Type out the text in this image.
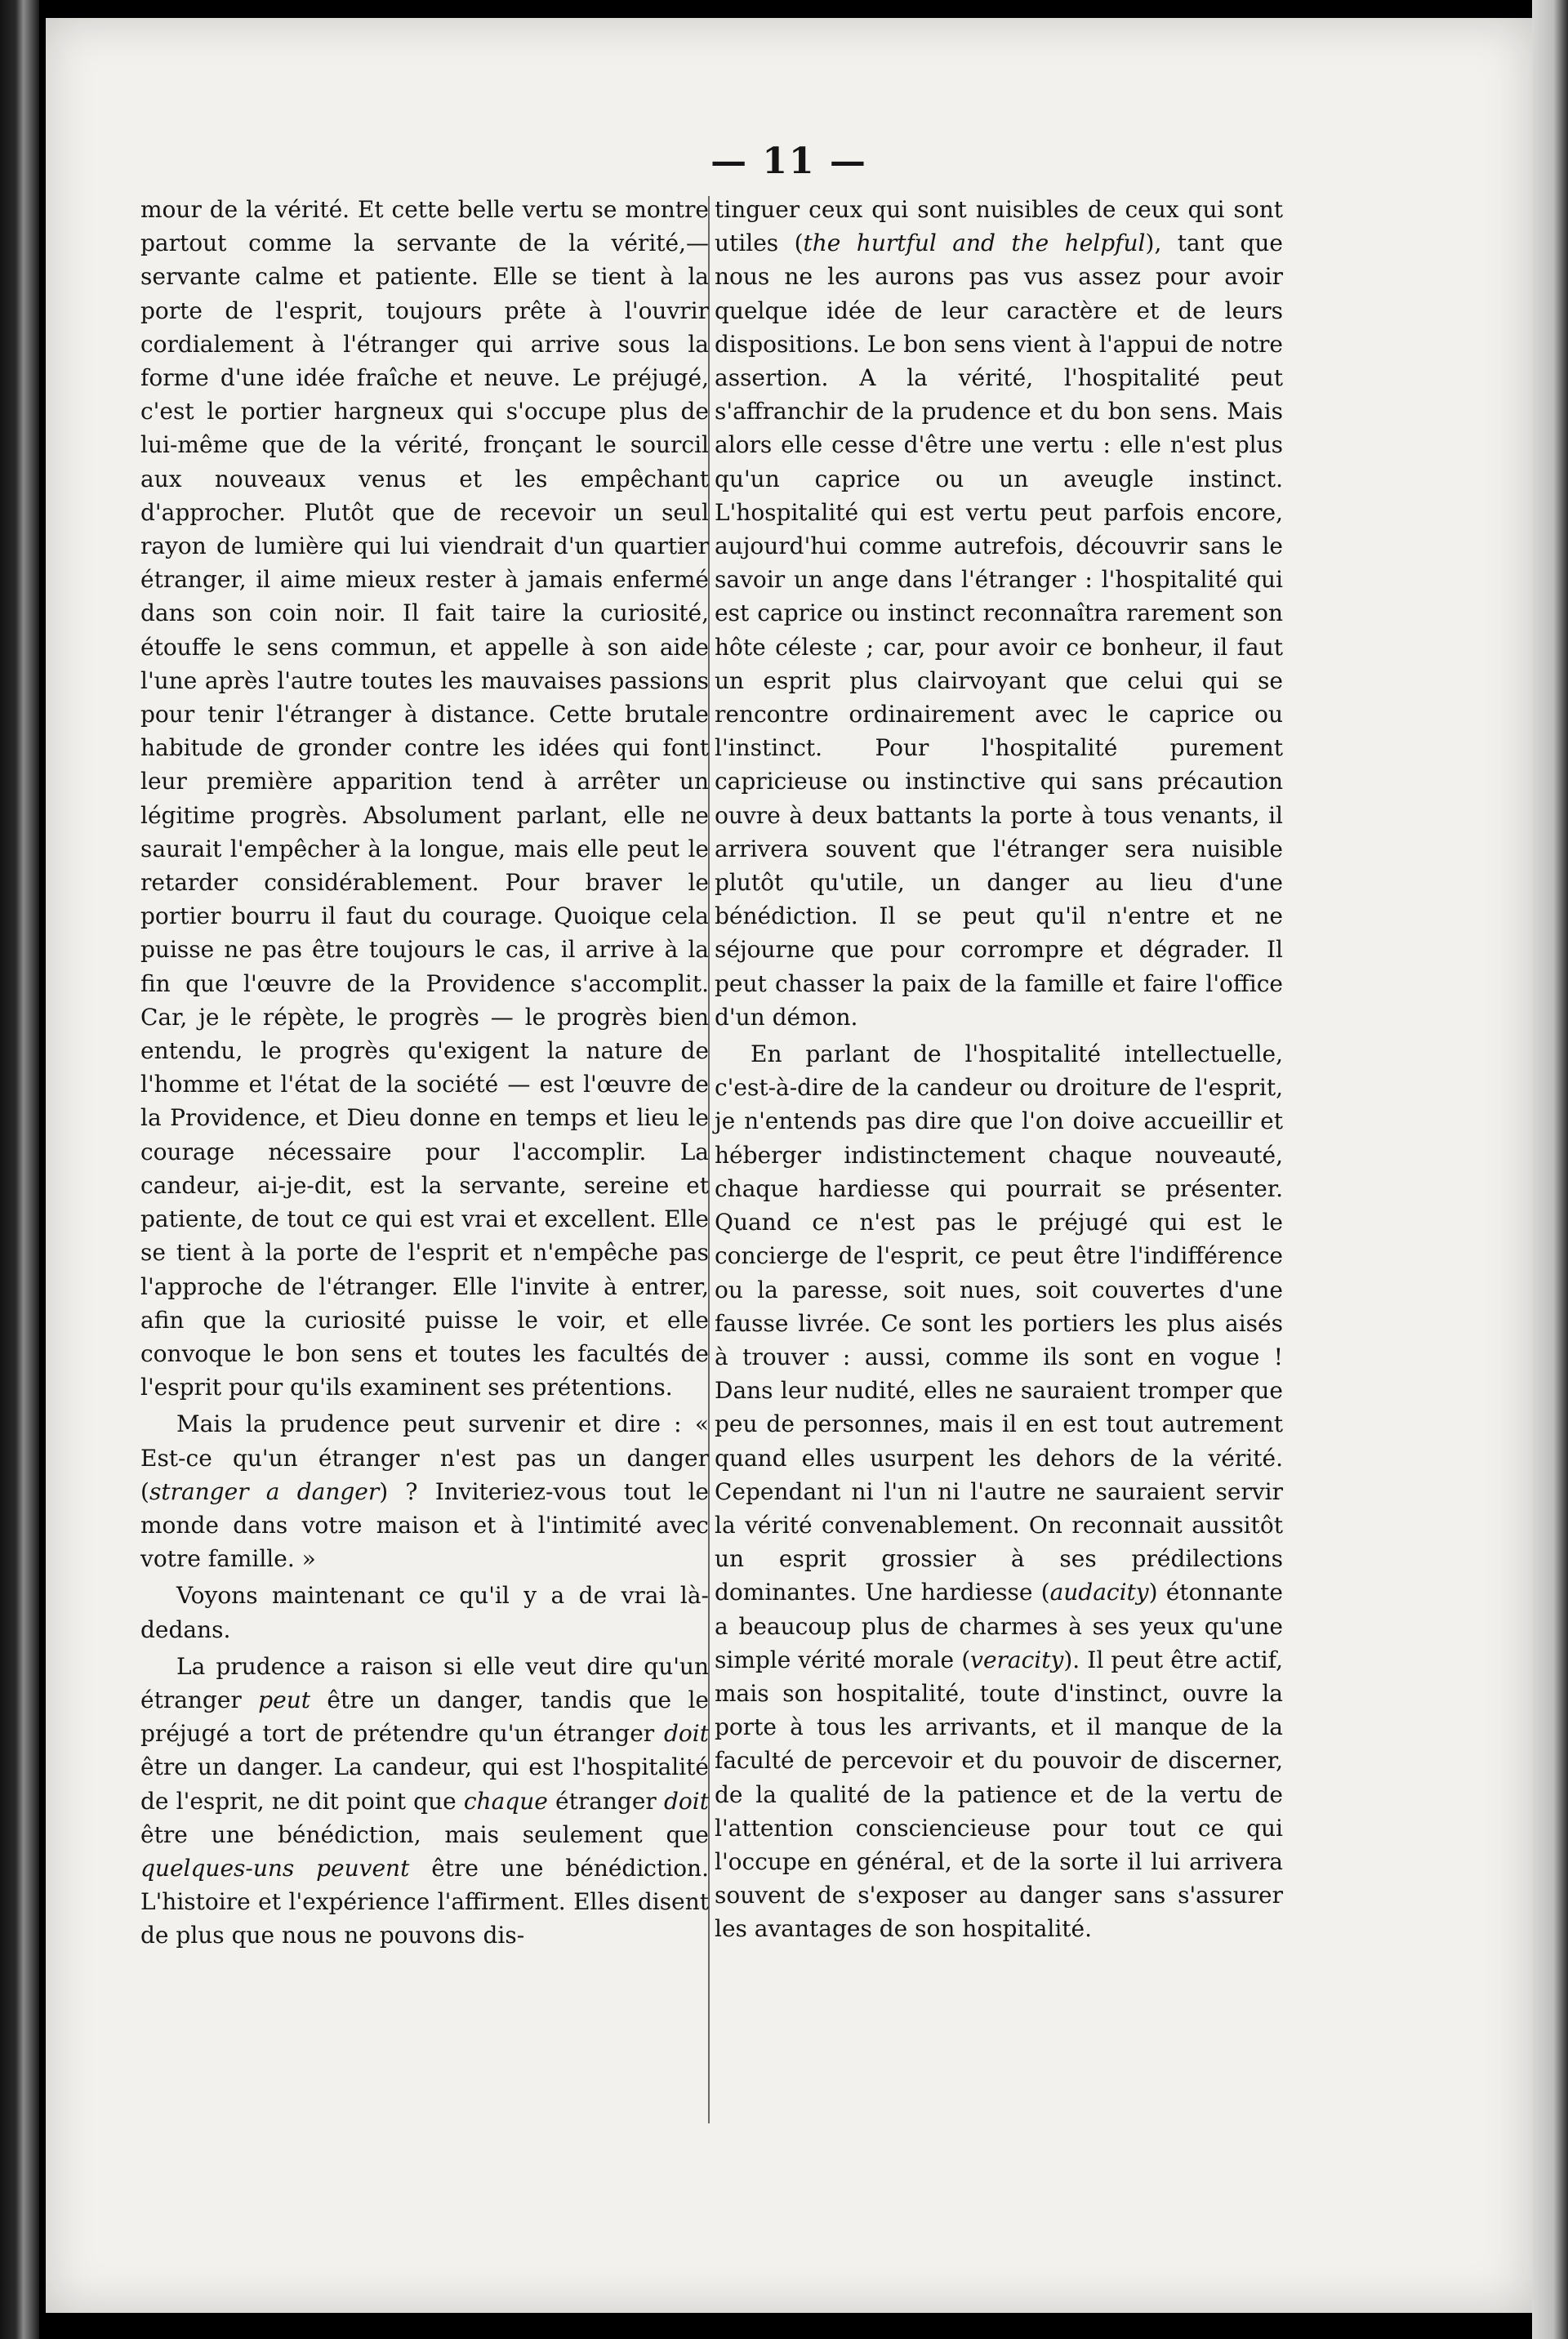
— 11 —

mour de la vérité. Et cette belle vertu se montre partout comme la servante de la vérité,—servante calme et patiente. Elle se tient à la porte de l'esprit, toujours prête à l'ouvrir cordialement à l'étranger qui arrive sous la forme d'une idée fraîche et neuve. Le préjugé, c'est le portier hargneux qui s'occupe plus de lui-même que de la vérité, fronçant le sourcil aux nouveaux venus et les empêchant d'approcher. Plutôt que de recevoir un seul rayon de lumière qui lui viendrait d'un quartier étranger, il aime mieux rester à jamais enfermé dans son coin noir. Il fait taire la curiosité, étouffe le sens commun, et appelle à son aide l'une après l'autre toutes les mauvaises passions pour tenir l'étranger à distance. Cette brutale habitude de gronder contre les idées qui font leur première apparition tend à arrêter un légitime progrès. Absolument parlant, elle ne saurait l'empêcher à la longue, mais elle peut le retarder considérablement. Pour braver le portier bourru il faut du courage. Quoique cela puisse ne pas être toujours le cas, il arrive à la fin que l'œuvre de la Providence s'accomplit. Car, je le répète, le progrès — le progrès bien entendu, le progrès qu'exigent la nature de l'homme et l'état de la société — est l'œuvre de la Providence, et Dieu donne en temps et lieu le courage nécessaire pour l'accomplir. La candeur, ai-je-dit, est la servante, sereine et patiente, de tout ce qui est vrai et excellent. Elle se tient à la porte de l'esprit et n'empêche pas l'approche de l'étranger. Elle l'invite à entrer, afin que la curiosité puisse le voir, et elle convoque le bon sens et toutes les facultés de l'esprit pour qu'ils examinent ses prétentions.

Mais la prudence peut survenir et dire : « Est-ce qu'un étranger n'est pas un danger (stranger a danger) ? Inviteriez-vous tout le monde dans votre maison et à l'intimité avec votre famille. »

Voyons maintenant ce qu'il y a de vrai là-dedans.

La prudence a raison si elle veut dire qu'un étranger peut être un danger, tandis que le préjugé a tort de prétendre qu'un étranger doit être un danger. La candeur, qui est l'hospitalité de l'esprit, ne dit point que chaque étranger doit être une bénédiction, mais seulement que quelques-uns peuvent être une bénédiction. L'histoire et l'expérience l'affirment. Elles disent de plus que nous ne pouvons dis-

tinguer ceux qui sont nuisibles de ceux qui sont utiles (the hurtful and the helpful), tant que nous ne les aurons pas vus assez pour avoir quelque idée de leur caractère et de leurs dispositions. Le bon sens vient à l'appui de notre assertion. A la vérité, l'hospitalité peut s'affranchir de la prudence et du bon sens. Mais alors elle cesse d'être une vertu : elle n'est plus qu'un caprice ou un aveugle instinct. L'hospitalité qui est vertu peut parfois encore, aujourd'hui comme autrefois, découvrir sans le savoir un ange dans l'étranger : l'hospitalité qui est caprice ou instinct reconnaîtra rarement son hôte céleste ; car, pour avoir ce bonheur, il faut un esprit plus clairvoyant que celui qui se rencontre ordinairement avec le caprice ou l'instinct. Pour l'hospitalité purement capricieuse ou instinctive qui sans précaution ouvre à deux battants la porte à tous venants, il arrivera souvent que l'étranger sera nuisible plutôt qu'utile, un danger au lieu d'une bénédiction. Il se peut qu'il n'entre et ne séjourne que pour corrompre et dégrader. Il peut chasser la paix de la famille et faire l'office d'un démon.

En parlant de l'hospitalité intellectuelle, c'est-à-dire de la candeur ou droiture de l'esprit, je n'entends pas dire que l'on doive accueillir et héberger indistinctement chaque nouveauté, chaque hardiesse qui pourrait se présenter. Quand ce n'est pas le préjugé qui est le concierge de l'esprit, ce peut être l'indifférence ou la paresse, soit nues, soit couvertes d'une fausse livrée. Ce sont les portiers les plus aisés à trouver : aussi, comme ils sont en vogue ! Dans leur nudité, elles ne sauraient tromper que peu de personnes, mais il en est tout autrement quand elles usurpent les dehors de la vérité. Cependant ni l'un ni l'autre ne sauraient servir la vérité convenablement. On reconnait aussitôt un esprit grossier à ses prédilections dominantes. Une hardiesse (audacity) étonnante a beaucoup plus de charmes à ses yeux qu'une simple vérité morale (veracity). Il peut être actif, mais son hospitalité, toute d'instinct, ouvre la porte à tous les arrivants, et il manque de la faculté de percevoir et du pouvoir de discerner, de la qualité de la patience et de la vertu de l'attention consciencieuse pour tout ce qui l'occupe en général, et de la sorte il lui arrivera souvent de s'exposer au danger sans s'assurer les avantages de son hospitalité.
